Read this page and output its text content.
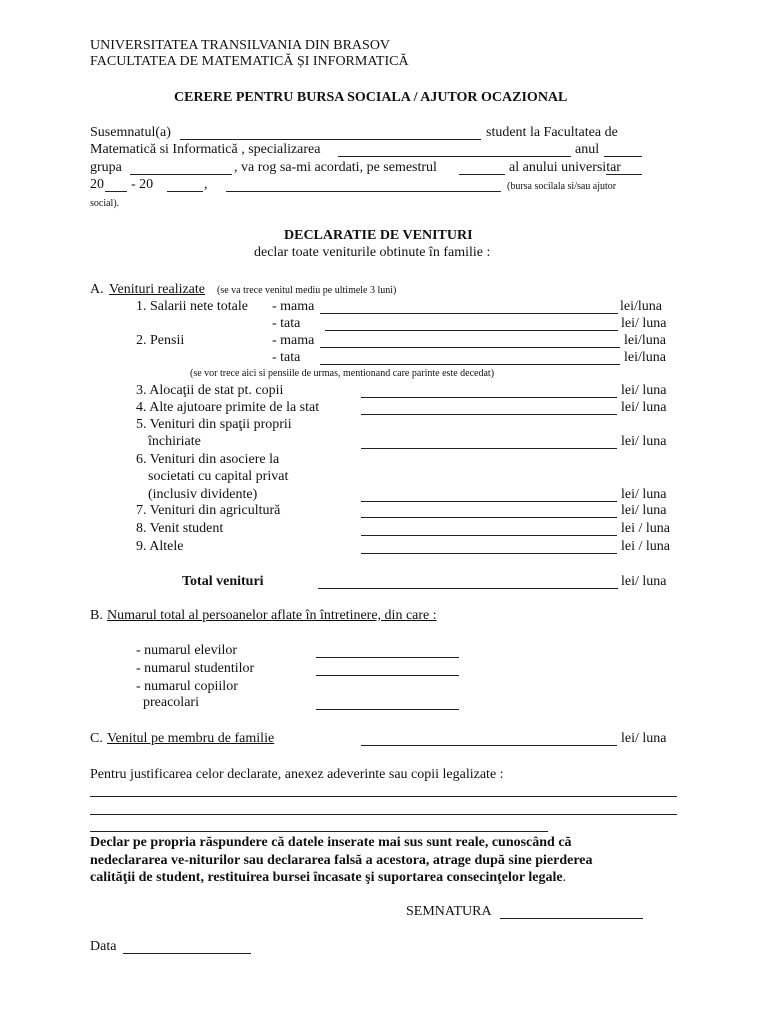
UNIVERSITATEA TRANSILVANIA DIN BRASOV
FACULTATEA DE MATEMATICĂ ȘI INFORMATICĂ
CERERE PENTRU BURSA SOCIALA / AJUTOR OCAZIONAL
Susemnatul(a)	student la Facultatea de
Matematică si Informatică , specializarea	anul
grupa	, va rog sa-mi acordati, pe semestrul	al anului universitar
20 - 20	,	(bursa socilala si/sau ajutor
social).
DECLARATIE DE VENITURI
declar toate veniturile obtinute în familie :
A. Venituri realizate (se va trece venitul mediu pe ultimele 3 luni)
1. Salarii nete totale - mama	lei/luna
- tata	lei/ luna
2. Pensii	- mama	lei/luna
- tata	lei/luna
(se vor trece aici si pensiile de urmas, mentionand care parinte este decedat)
3. Alocaţii de stat pt. copii	lei/ luna
4. Alte ajutoare primite de la stat	lei/ luna
5. Venituri din spaţii proprii
închiriate	lei/ luna
6. Venituri din asociere la
societati cu capital privat
(inclusiv dividente)	lei/ luna
7. Venituri din agricultură	lei/ luna
8. Venit student	lei / luna
9. Altele	lei / luna
Total venituri	lei/ luna
B. Numarul total al persoanelor aflate în întretinere, din care :
- numarul elevilor
- numarul studentilor
- numarul copiilor
preacolari
C. Venitul pe membru de familie	lei/ luna
Pentru justificarea celor declarate, anexez adeverinte sau copii legalizate :
Declar pe propria răspundere că datele inserate mai sus sunt reale, cunoscând că
nedeclararea ve-niturilor sau declararea falsă a acestora, atrage după sine pierderea
calităţii de student, restituirea bursei încasate şi suportarea consecinţelor legale.
SEMNATURA
Data
